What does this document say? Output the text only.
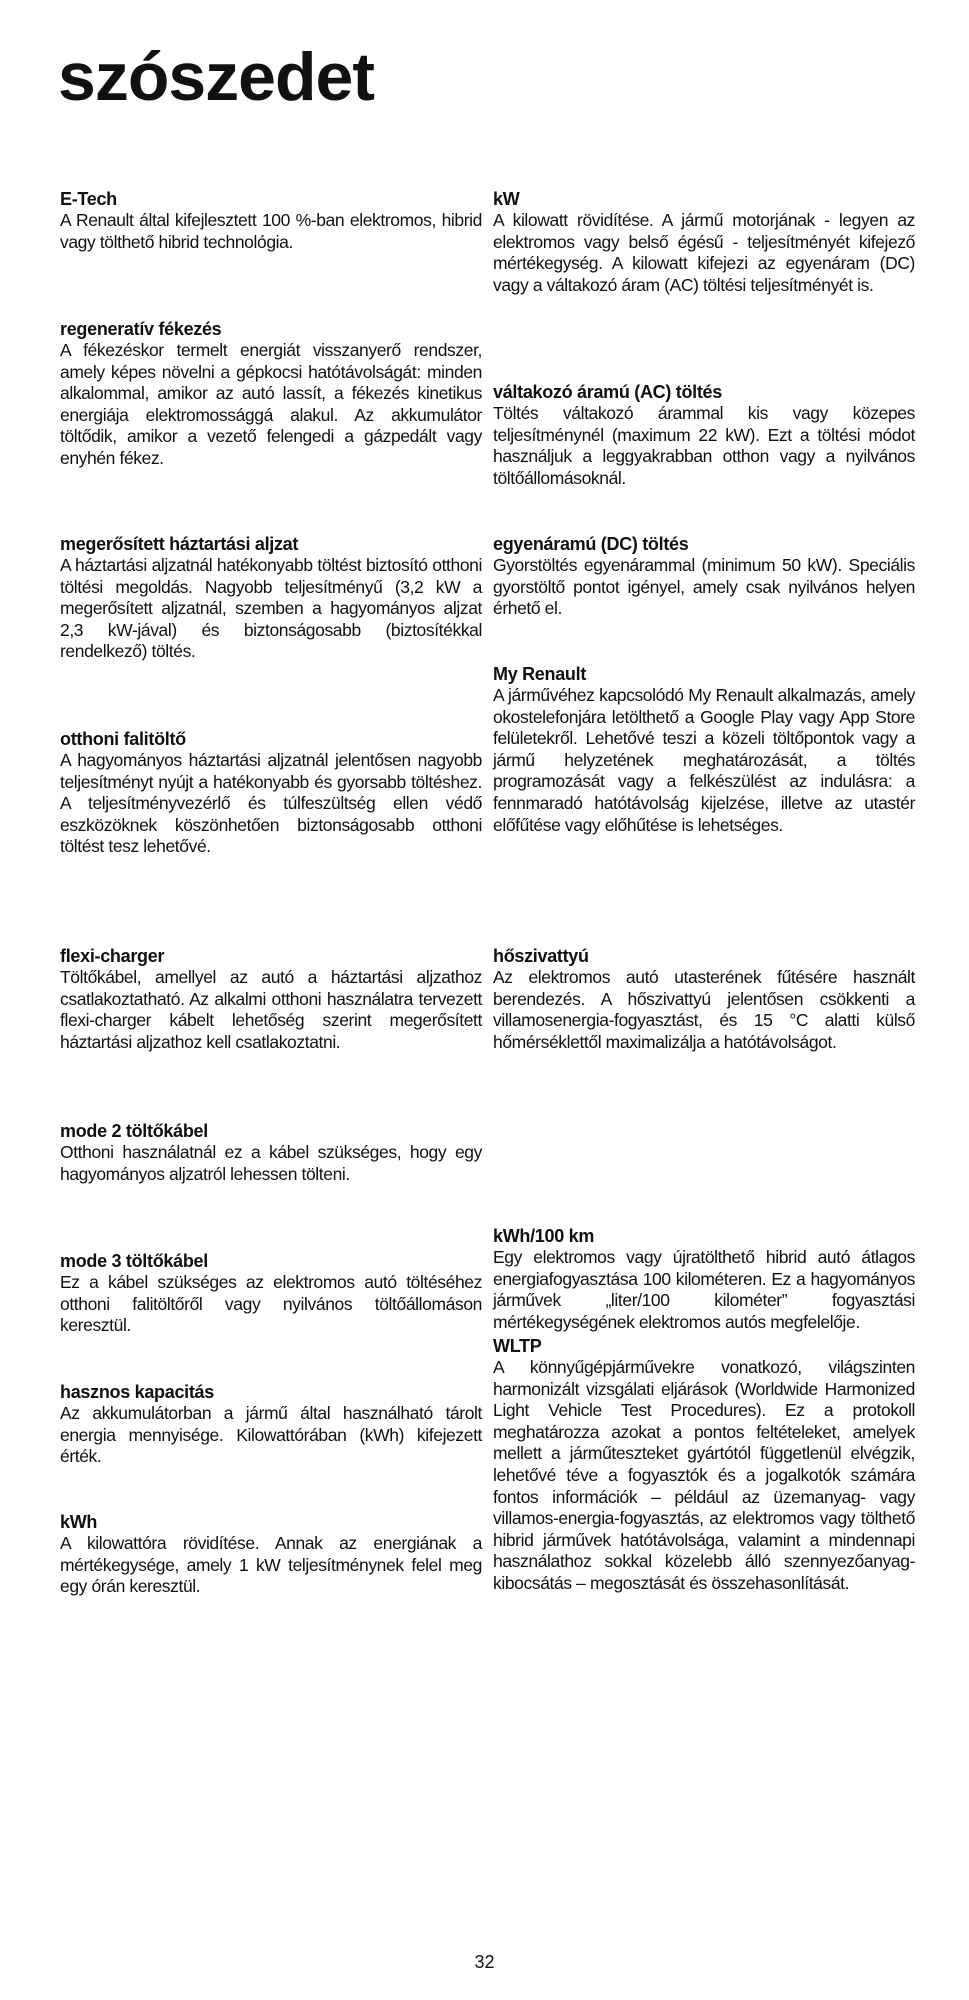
szószedet
E-Tech

A Renault által kifejlesztett 100 %-ban elektromos, hibrid vagy tölthető hibrid technológia.

regeneratív fékezés

A fékezéskor termelt energiát visszanyerő rendszer, amely képes növelni a gépkocsi hatótávolságát: minden alkalommal, amikor az autó lassít, a fékezés kinetikus energiája elektromossággá alakul. Az akkumulátor töltődik, amikor a vezető felengedi a gázpedált vagy enyhén fékez.

megerősített háztartási aljzat

A háztartási aljzatnál hatékonyabb töltést biztosító otthoni töltési megoldás. Nagyobb teljesítményű (3,2 kW a megerősített aljzatnál, szemben a hagyományos aljzat 2,3 kW-jával) és biztonságosabb (biztosítékkal rendelkező) töltés.

otthoni falitöltő

A hagyományos háztartási aljzatnál jelentősen nagyobb teljesítményt nyújt a hatékonyabb és gyorsabb töltéshez. A teljesítményvezérlő és túlfeszültség ellen védő eszközöknek köszönhetően biztonságosabb otthoni töltést tesz lehetővé.

flexi-charger

Töltőkábel, amellyel az autó a háztartási aljzathoz csatlakoztatható. Az alkalmi otthoni használatra tervezett flexi-charger kábelt lehetőség szerint megerősített háztartási aljzathoz kell csatlakoztatni.

mode 2 töltőkábel

Otthoni használatnál ez a kábel szükséges, hogy egy hagyományos aljzatról lehessen tölteni.

mode 3 töltőkábel

Ez a kábel szükséges az elektromos autó töltéséhez otthoni falitöltőről vagy nyilvános töltőállomáson keresztül.

hasznos kapacitás

Az akkumulátorban a jármű által használható tárolt energia mennyisége. Kilowattórában (kWh) kifejezett érték.

kWh

A kilowattóra rövidítése. Annak az energiának a mértékegysége, amely 1 kW teljesítménynek felel meg egy órán keresztül.

kW

A kilowatt rövidítése. A jármű motorjának - legyen az elektromos vagy belső égésű - teljesítményét kifejező mértékegység. A kilowatt kifejezi az egyenáram (DC) vagy a váltakozó áram (AC) töltési teljesítményét is.

váltakozó áramú (AC) töltés

Töltés váltakozó árammal kis vagy közepes teljesítménynél (maximum 22 kW). Ezt a töltési módot használjuk a leggyakrabban otthon vagy a nyilvános töltőállomásoknál.

egyenáramú (DC) töltés

Gyorstöltés egyenárammal (minimum 50 kW). Speciális gyorstöltő pontot igényel, amely csak nyilvános helyen érhető el.

My Renault

A járművéhez kapcsolódó My Renault alkalmazás, amely okostelefonjára letölthető a Google Play vagy App Store felületekről. Lehetővé teszi a közeli töltőpontok vagy a jármű helyzetének meghatározását, a töltés programozását vagy a felkészülést az indulásra: a fennmaradó hatótávolság kijelzése, illetve az utastér előfűtése vagy előhűtése is lehetséges.

hőszivattyú

Az elektromos autó utasterének fűtésére használt berendezés. A hőszivattyú jelentősen csökkenti a villamosenergia-fogyasztást, és 15 °C alatti külső hőmérséklettől maximalizálja a hatótávolságot.

kWh/100 km

Egy elektromos vagy újratölthető hibrid autó átlagos energiafogyasztása 100 kilométeren. Ez a hagyományos járművek „liter/100 kilométer” fogyasztási mértékegységének elektromos autós megfelelője.

WLTP

A könnyűgépjárművekre vonatkozó, világszinten harmonizált vizsgálati eljárások (Worldwide Harmonized Light Vehicle Test Procedures). Ez a protokoll meghatározza azokat a pontos feltételeket, amelyek mellett a járműteszteket gyártótól függetlenül elvégzik, lehetővé téve a fogyasztók és a jogalkotók számára fontos információk – például az üzemanyag- vagy villamos-energia-fogyasztás, az elektromos vagy tölthető hibrid járművek hatótávolsága, valamint a mindennapi használathoz sokkal közelebb álló szennyezőanyag-kibocsátás – megosztását és összehasonlítását.

32
